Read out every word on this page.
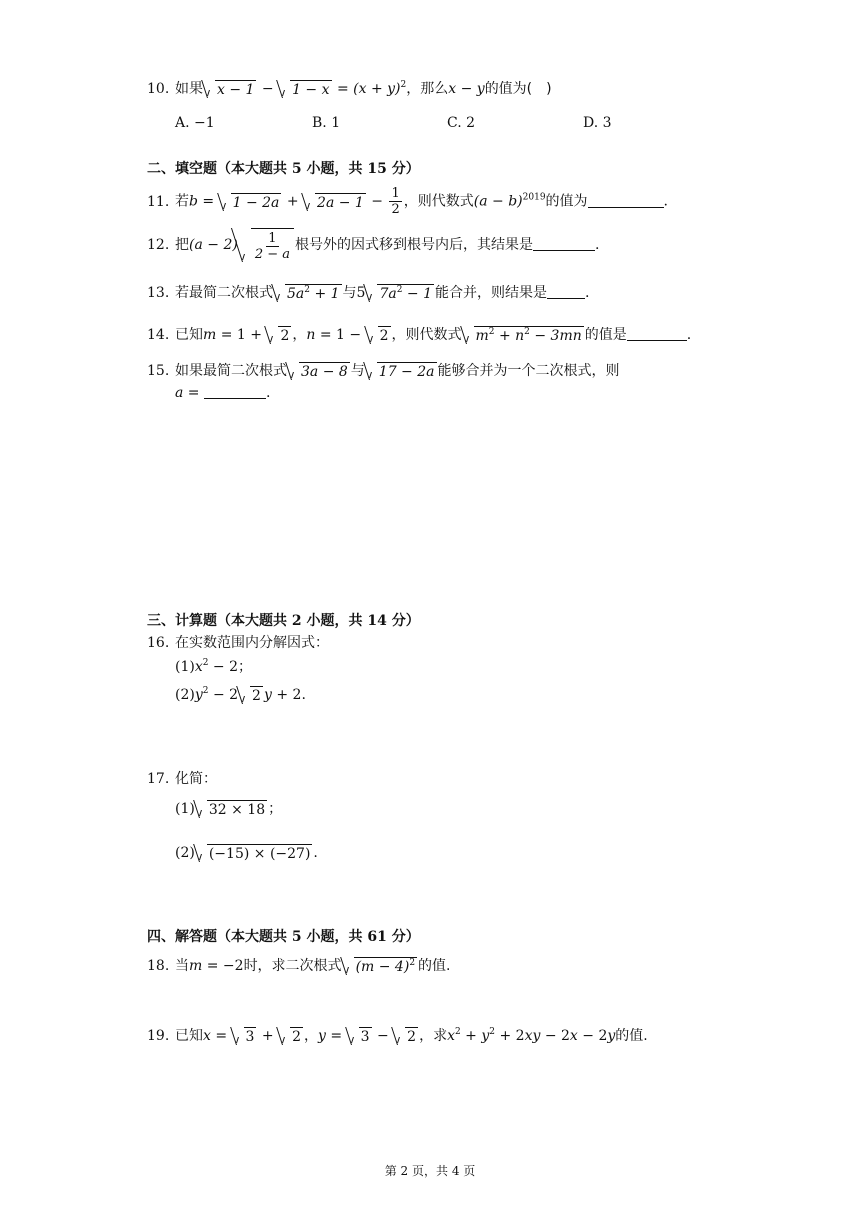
10. 如果 $x - 1 - 1 - x = (x + y)^2$，那么x − y的值为( )
A. −1	B. 1	C. 2	D. 3
二、填空题（本大题共 5 小题，共 15 分）
11. 若$b = 1 - 2a + 2a - 1 - \frac{1}{2}$ ，则代数式$(a - b)^{2019}$的值为	.
12. 把$(a - 2) \frac{1}{2 - a}$ 根号外的因式移到根号内后，其结果是	.
13. 若最简二次根式 $5a^2 + 1$ 与5 $7a^2 - 1$ 能合并，则结果是	.
14. 已知m = 1 + 2 ，n = 1 − 2 ，则代数式 $m^2 + n^2 - 3mn$ 的值是	.
15. 如果最简二次根式 3a − 8 与 17 − 2a 能够合并为一个二次根式，则
a =	.
三、计算题（本大题共 2 小题，共 14 分）
16. 在实数范围内分解因式：
$(1)x^2 - 2$；
$(2)y^2 - 2$ 2 y + 2.
17. 化简：
(1) 32 × 18 ；
(2) (−15) × (−27) .
四、解答题（本大题共 5 小题，共 61 分）
18. 当m = −2时，求二次根式 $(m - 4)^2$ 的值.
19. 已知x = 3 + 2 ，y = 3 − 2 ，求$x^2 + y^2 + 2xy - 2x - 2y$的值.
第 2 页，共 4 页
